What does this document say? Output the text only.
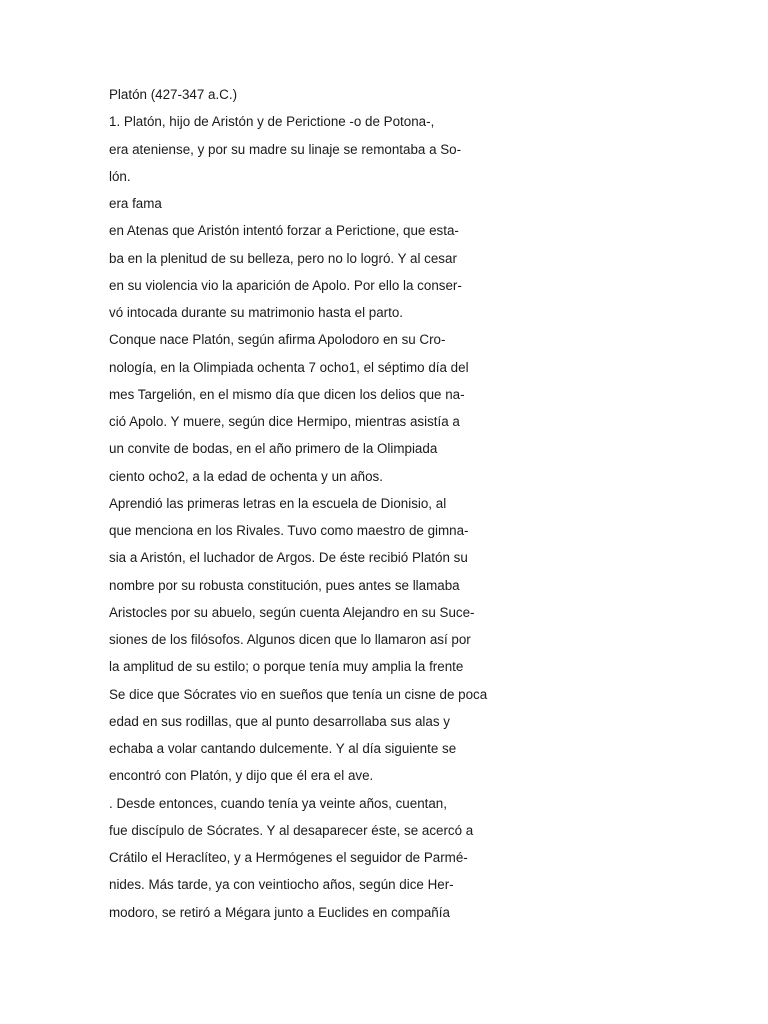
Platón (427-347 a.C.)
1. Platón, hijo de Aristón y de Perictione -o de Potona-,
era ateniense, y por su madre su linaje se remontaba a So-
lón.
era fama
en Atenas que Aristón intentó forzar a Perictione, que esta-
ba en la plenitud de su belleza, pero no lo logró. Y al cesar
en su violencia vio la aparición de Apolo. Por ello la conser-
vó intocada durante su matrimonio hasta el parto.
Conque nace Platón, según afirma Apolodoro en su Cro-
nología, en la Olimpiada ochenta 7 ocho1, el séptimo día del
mes Targelión, en el mismo día que dicen los delios que na-
ció Apolo. Y muere, según dice Hermipo, mientras asistía a
un convite de bodas, en el año primero de la Olimpiada
ciento ocho2, a la edad de ochenta y un años.
Aprendió las primeras letras en la escuela de Dionisio, al
que menciona en los Rivales. Tuvo como maestro de gimna-
sia a Aristón, el luchador de Argos. De éste recibió Platón su
nombre por su robusta constitución, pues antes se llamaba
Aristocles por su abuelo, según cuenta Alejandro en su Suce-
siones de los filósofos. Algunos dicen que lo llamaron así por
la amplitud de su estilo; o porque tenía muy amplia la frente
Se dice que Sócrates vio en sueños que tenía un cisne de poca
edad en sus rodillas, que al punto desarrollaba sus alas y
echaba a volar cantando dulcemente. Y al día siguiente se
encontró con Platón, y dijo que él era el ave.
. Desde entonces, cuando tenía ya veinte años, cuentan,
fue discípulo de Sócrates. Y al desaparecer éste, se acercó a
Crátilo el Heraclíteo, y a Hermógenes el seguidor de Parmé-
nides. Más tarde, ya con veintiocho años, según dice Her-
modoro, se retiró a Mégara junto a Euclides en compañía
